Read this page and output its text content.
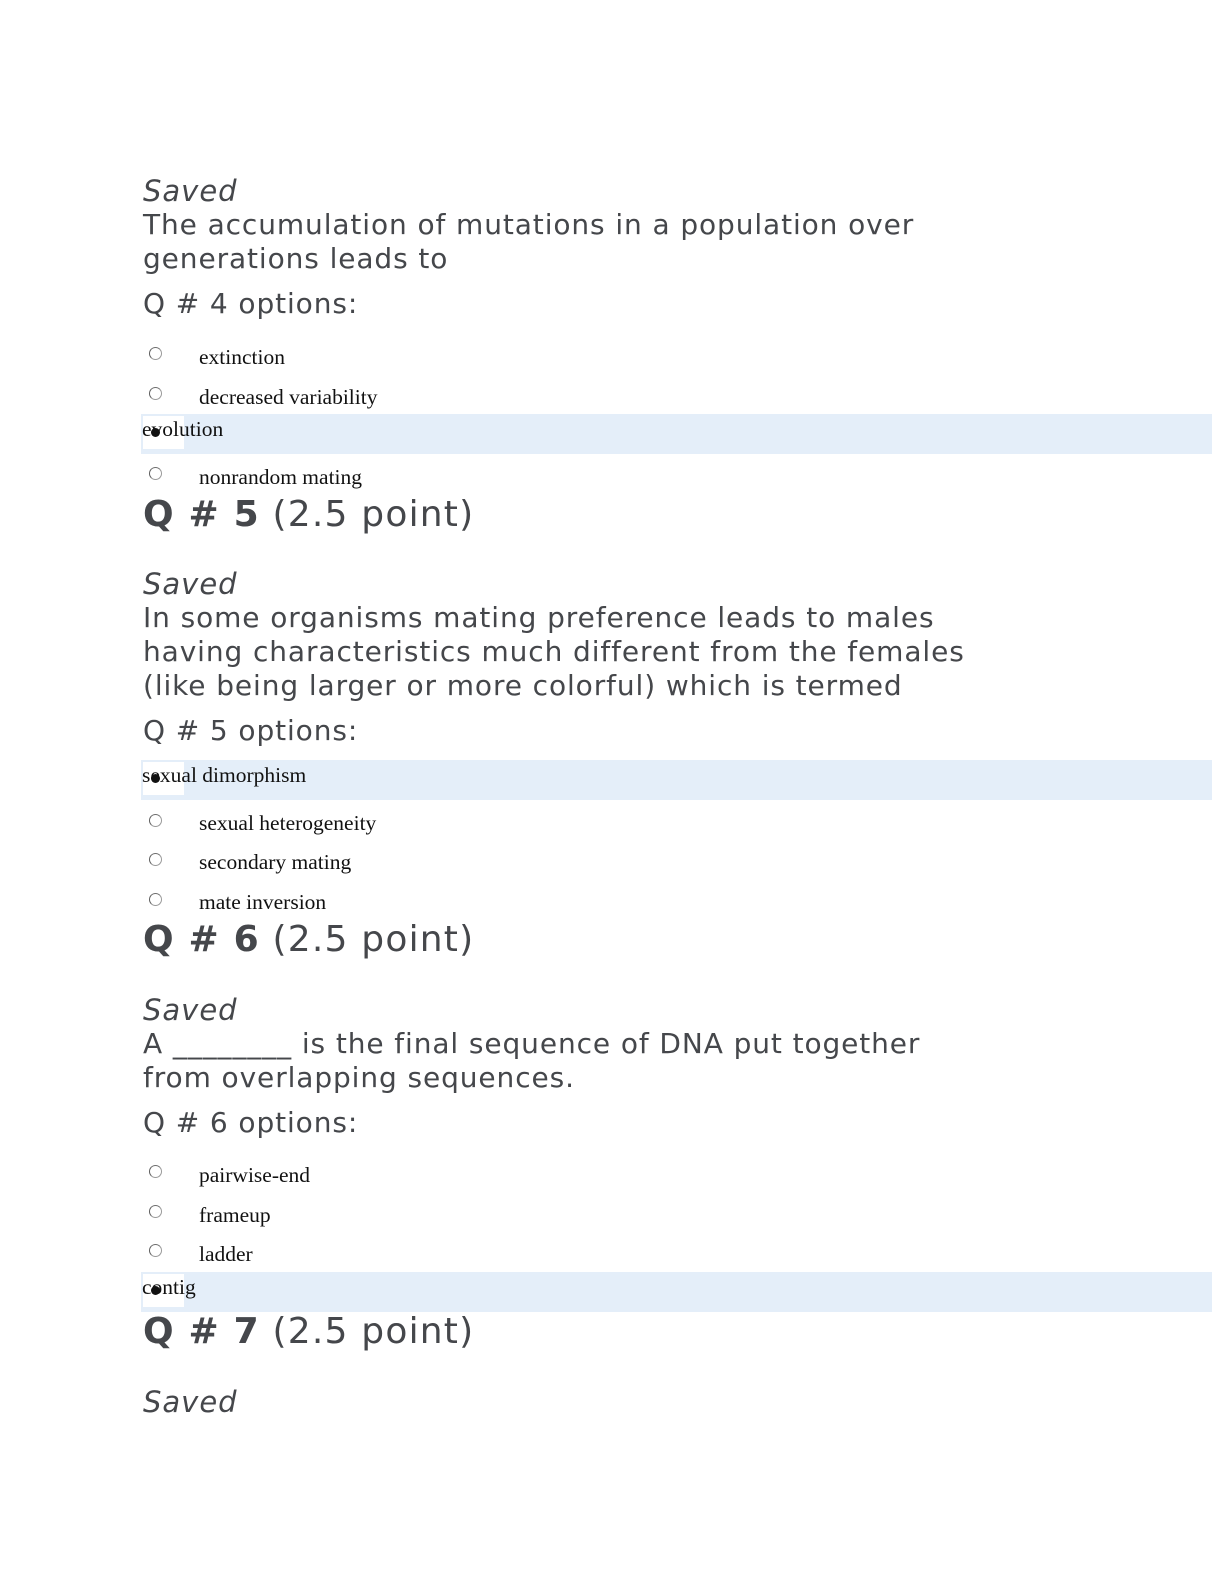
Saved
The accumulation of mutations in a population over
generations leads to
Q # 4 options:
extinction
decreased variability
evolution
nonrandom mating
Q # 5 (2.5 point)
Saved
In some organisms mating preference leads to males
having characteristics much different from the females
(like being larger or more colorful) which is termed
Q # 5 options:
sexual dimorphism
sexual heterogeneity
secondary mating
mate inversion
Q # 6 (2.5 point)
Saved
A ________ is the final sequence of DNA put together
from overlapping sequences.
Q # 6 options:
pairwise-end
frameup
ladder
contig
Q # 7 (2.5 point)
Saved
